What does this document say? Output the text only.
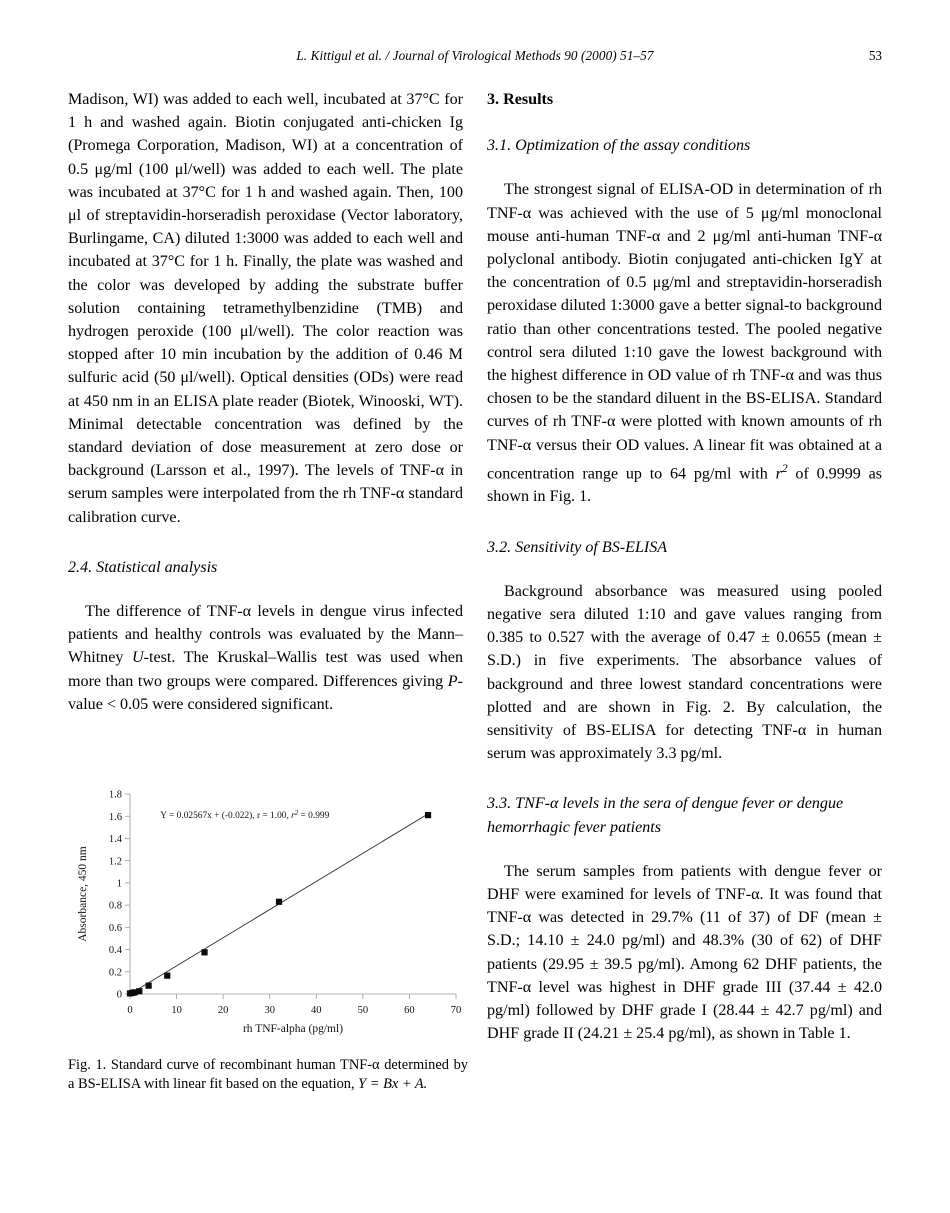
L. Kittigul et al. / Journal of Virological Methods 90 (2000) 51–57	53

Madison, WI) was added to each well, incubated at 37°C for 1 h and washed again. Biotin conjugated anti-chicken Ig (Promega Corporation, Madison, WI) at a concentration of 0.5 μg/ml (100 μl/well) was added to each well. The plate was incubated at 37°C for 1 h and washed again. Then, 100 μl of streptavidin-horseradish peroxidase (Vector laboratory, Burlingame, CA) diluted 1:3000 was added to each well and incubated at 37°C for 1 h. Finally, the plate was washed and the color was developed by adding the substrate buffer solution containing tetramethylbenzidine (TMB) and hydrogen peroxide (100 μl/well). The color reaction was stopped after 10 min incubation by the addition of 0.46 M sulfuric acid (50 μl/well). Optical densities (ODs) were read at 450 nm in an ELISA plate reader (Biotek, Winooski, WT). Minimal detectable concentration was defined by the standard deviation of dose measurement at zero dose or background (Larsson et al., 1997). The levels of TNF-α in serum samples were interpolated from the rh TNF-α standard calibration curve.

2.4. Statistical analysis

The difference of TNF-α levels in dengue virus infected patients and healthy controls was evaluated by the Mann–Whitney U-test. The Kruskal–Wallis test was used when more than two groups were compared. Differences giving P-value < 0.05 were considered significant.

0
0.2
0.4
0.6
0.8
1
1.2
1.4
1.6
1.8
0	10	20	30	40	50	60	70
rh TNF-alpha (pg/ml)
Absorbance, 450 nm
Y = 0.02567x + (-0.022), r = 1.00, $r^2 = 0.999$

Fig. 1. Standard curve of recombinant human TNF-α determined by a BS-ELISA with linear fit based on the equation, Y = Bx + A.

3. Results
3.1. Optimization of the assay conditions

The strongest signal of ELISA-OD in determination of rh TNF-α was achieved with the use of 5 μg/ml monoclonal mouse anti-human TNF-α and 2 μg/ml anti-human TNF-α polyclonal antibody. Biotin conjugated anti-chicken IgY at the concentration of 0.5 μg/ml and streptavidin-horseradish peroxidase diluted 1:3000 gave a better signal-to background ratio than other concentrations tested. The pooled negative control sera diluted 1:10 gave the lowest background with the highest difference in OD value of rh TNF-α and was thus chosen to be the standard diluent in the BS-ELISA. Standard curves of rh TNF-α were plotted with known amounts of rh TNF-α versus their OD values. A linear fit was obtained at a concentration range up to 64 pg/ml with $r^2$ of 0.9999 as shown in Fig. 1.

3.2. Sensitivity of BS-ELISA

Background absorbance was measured using pooled negative sera diluted 1:10 and gave values ranging from 0.385 to 0.527 with the average of 0.47 ± 0.0655 (mean ± S.D.) in five experiments. The absorbance values of background and three lowest standard concentrations were plotted and are shown in Fig. 2. By calculation, the sensitivity of BS-ELISA for detecting TNF-α in human serum was approximately 3.3 pg/ml.

3.3. TNF-α levels in the sera of dengue fever or dengue hemorrhagic fever patients

The serum samples from patients with dengue fever or DHF were examined for levels of TNF-α. It was found that TNF-α was detected in 29.7% (11 of 37) of DF (mean ± S.D.; 14.10 ± 24.0 pg/ml) and 48.3% (30 of 62) of DHF patients (29.95 ± 39.5 pg/ml). Among 62 DHF patients, the TNF-α level was highest in DHF grade III (37.44 ± 42.0 pg/ml) followed by DHF grade I (28.44 ± 42.7 pg/ml) and DHF grade II (24.21 ± 25.4 pg/ml), as shown in Table 1.
